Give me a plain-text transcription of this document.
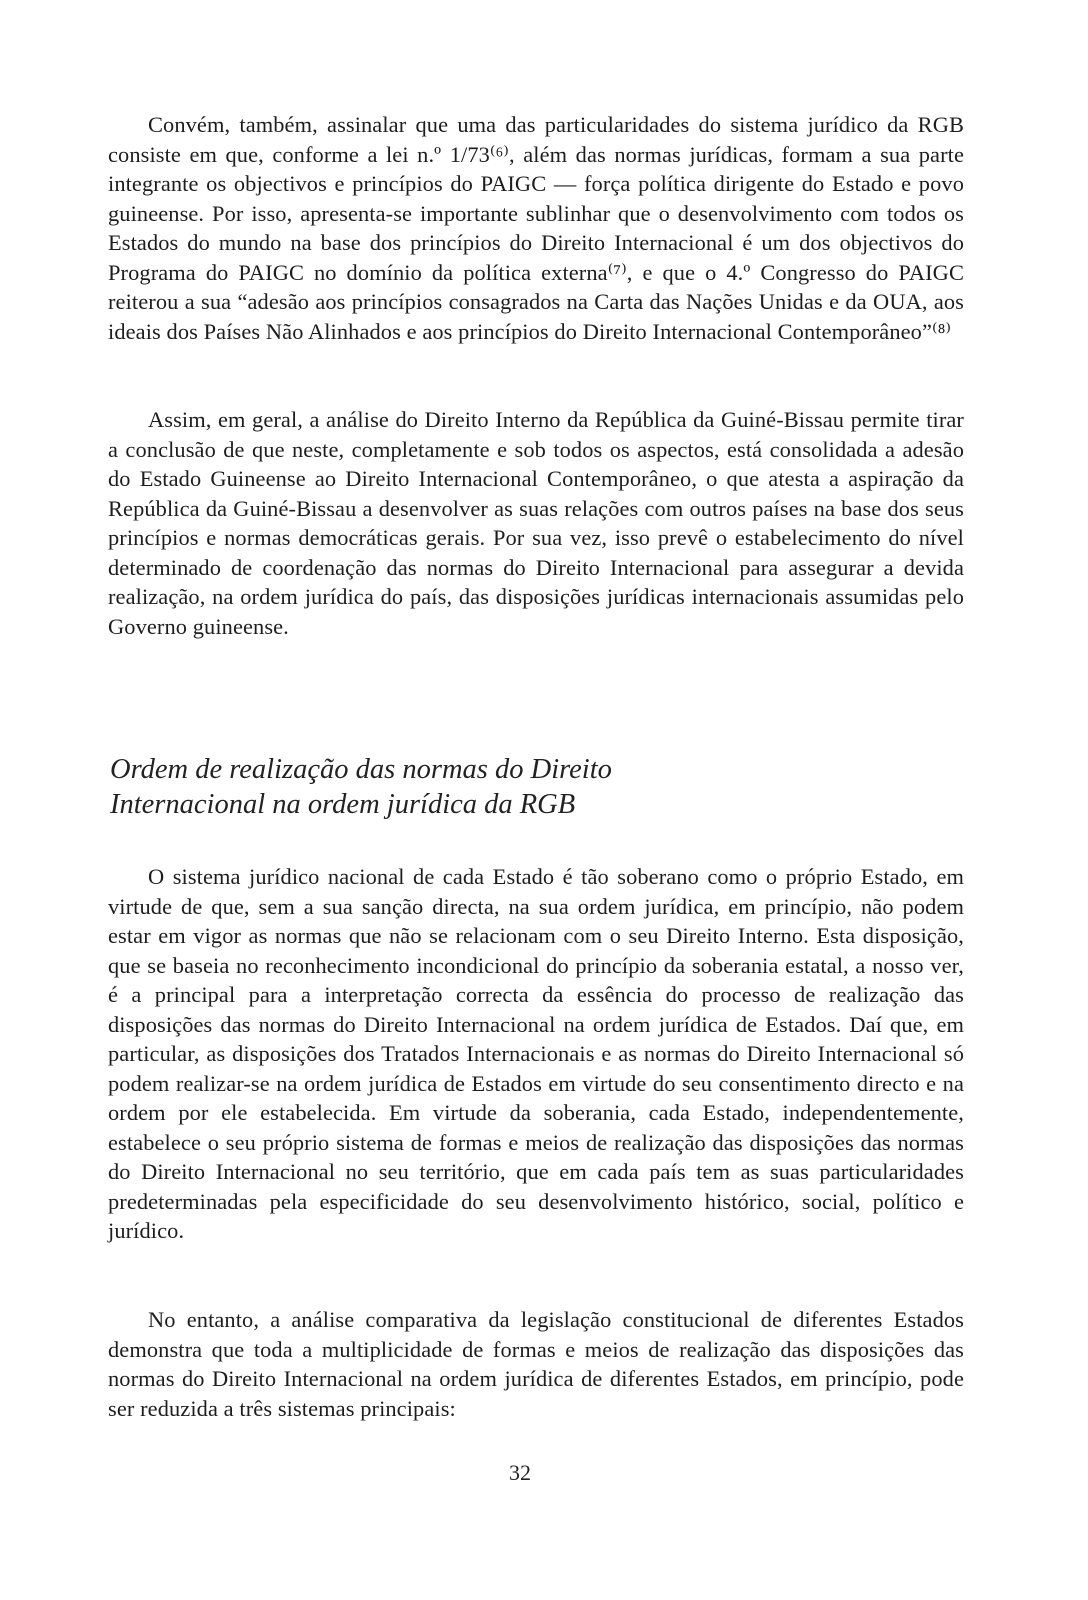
Convém, também, assinalar que uma das particularidades do sistema jurídico da RGB consiste em que, conforme a lei n.º 1/73⁽⁶⁾, além das normas jurídicas, formam a sua parte integrante os objectivos e princípios do PAIGC — força política dirigente do Estado e povo guineense. Por isso, apresenta-se importante sublinhar que o desenvolvimento com todos os Estados do mundo na base dos princípios do Direito Internacional é um dos objectivos do Programa do PAIGC no domínio da política externa⁽⁷⁾, e que o 4.º Congresso do PAIGC reiterou a sua “adesão aos princípios consagrados na Carta das Nações Unidas e da OUA, aos ideais dos Países Não Alinhados e aos princípios do Direito Internacional Contemporâneo”⁽⁸⁾

Assim, em geral, a análise do Direito Interno da República da Guiné-Bissau permite tirar a conclusão de que neste, completamente e sob todos os aspectos, está consolidada a adesão do Estado Guineense ao Direito Internacional Contemporâneo, o que atesta a aspiração da República da Guiné-Bissau a desenvolver as suas relações com outros países na base dos seus princípios e normas democráticas gerais. Por sua vez, isso prevê o estabelecimento do nível determinado de coordenação das normas do Direito Internacional para assegurar a devida realização, na ordem jurídica do país, das disposições jurídicas internacionais assumidas pelo Governo guineense.

Ordem de realização das normas do Direito
Internacional na ordem jurídica da RGB

O sistema jurídico nacional de cada Estado é tão soberano como o próprio Estado, em virtude de que, sem a sua sanção directa, na sua ordem jurídica, em princípio, não podem estar em vigor as normas que não se relacionam com o seu Direito Interno. Esta disposição, que se baseia no reconhecimento incondicional do princípio da soberania estatal, a nosso ver, é a principal para a interpretação correcta da essência do processo de realização das disposições das normas do Direito Internacional na ordem jurídica de Estados. Daí que, em particular, as disposições dos Tratados Internacionais e as normas do Direito Internacional só podem realizar-se na ordem jurídica de Estados em virtude do seu consentimento directo e na ordem por ele estabelecida. Em virtude da soberania, cada Estado, independentemente, estabelece o seu próprio sistema de formas e meios de realização das disposições das normas do Direito Internacional no seu território, que em cada país tem as suas particularidades predeterminadas pela especificidade do seu desenvolvimento histórico, social, político e jurídico.

No entanto, a análise comparativa da legislação constitucional de diferentes Estados demonstra que toda a multiplicidade de formas e meios de realização das disposições das normas do Direito Internacional na ordem jurídica de diferentes Estados, em princípio, pode ser reduzida a três sistemas principais:

32
